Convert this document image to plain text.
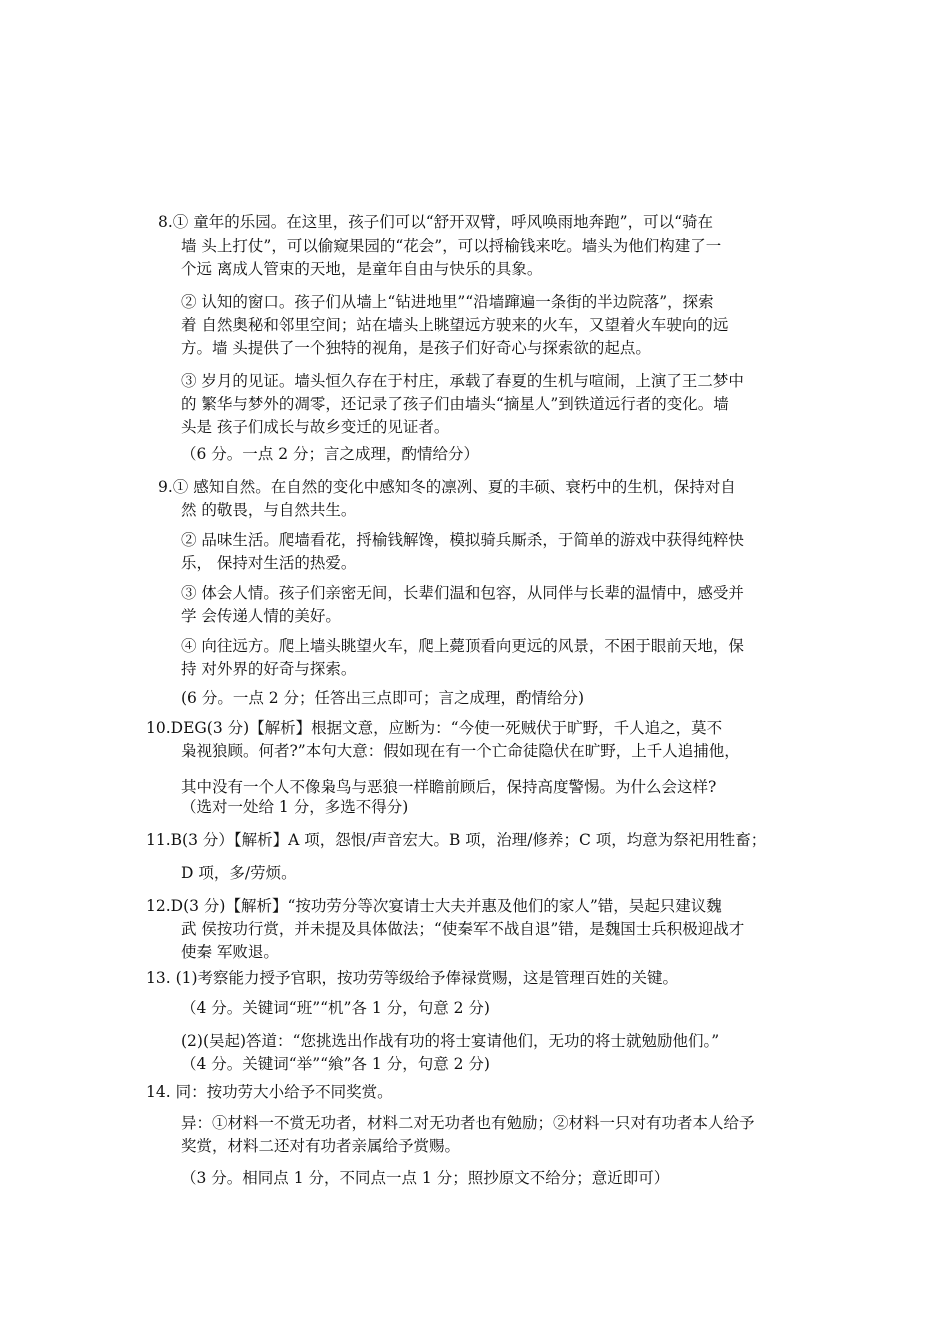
8.① 童年的乐园。在这里，孩子们可以“舒开双臂，呼风唤雨地奔跑”，可以“骑在
墙 头上打仗”，可以偷窥果园的“花会”，可以捋榆钱来吃。墙头为他们构建了一
个远 离成人管束的天地，是童年自由与快乐的具象。
② 认知的窗口。孩子们从墙上“钻进地里”“沿墙蹿遍一条街的半边院落”，探索
着 自然奥秘和邻里空间；站在墙头上眺望远方驶来的火车，又望着火车驶向的远
方。墙 头提供了一个独特的视角，是孩子们好奇心与探索欲的起点。
③ 岁月的见证。墙头恒久存在于村庄，承载了春夏的生机与喧闹，上演了王二梦中
的 繁华与梦外的凋零，还记录了孩子们由墙头“摘星人”到铁道远行者的变化。墙
头是 孩子们成长与故乡变迁的见证者。
（6 分。一点 2 分；言之成理，酌情给分）
9.① 感知自然。在自然的变化中感知冬的凛冽、夏的丰硕、衰朽中的生机，保持对自
然 的敬畏，与自然共生。
② 品味生活。爬墙看花，捋榆钱解馋，模拟骑兵厮杀，于简单的游戏中获得纯粹快
乐， 保持对生活的热爱。
③ 体会人情。孩子们亲密无间，长辈们温和包容，从同伴与长辈的温情中，感受并
学 会传递人情的美好。
④ 向往远方。爬上墙头眺望火车，爬上薨顶看向更远的风景，不困于眼前天地，保
持 对外界的好奇与探索。
(6 分。一点 2 分；任答出三点即可；言之成理，酌情给分)
10.DEG(3 分)【解析】根据文意，应断为：“今使一死贼伏于旷野，千人追之，莫不
枭视狼顾。何者?”本句大意：假如现在有一个亡命徒隐伏在旷野，上千人追捕他，
其中没有一个人不像枭鸟与恶狼一样瞻前顾后，保持高度警惕。为什么会这样?
（选对一处给 1 分，多选不得分)
11.B(3 分）【解析】A 项，怨恨/声音宏大。B 项，治理/修养；C 项，均意为祭祀用牲畜；
D 项，多/劳烦。
12.D(3 分)【解析】“按功劳分等次宴请士大夫并惠及他们的家人”错，吴起只建议魏
武 侯按功行赏，并未提及具体做法；“使秦军不战自退”错，是魏国士兵积极迎战才
使秦 军败退。
13. (1)考察能力授予官职，按功劳等级给予俸禄赏赐，这是管理百姓的关键。
（4 分。关键词“班”“机”各 1 分，句意 2 分)
(2)(吴起)答道：“您挑选出作战有功的将士宴请他们，无功的将士就勉励他们。”
（4 分。关键词“举”“飨”各 1 分，句意 2 分)
14. 同：按功劳大小给予不同奖赏。
异：①材料一不赏无功者，材料二对无功者也有勉励；②材料一只对有功者本人给予
奖赏，材料二还对有功者亲属给予赏赐。
（3 分。相同点 1 分，不同点一点 1 分；照抄原文不给分；意近即可）
